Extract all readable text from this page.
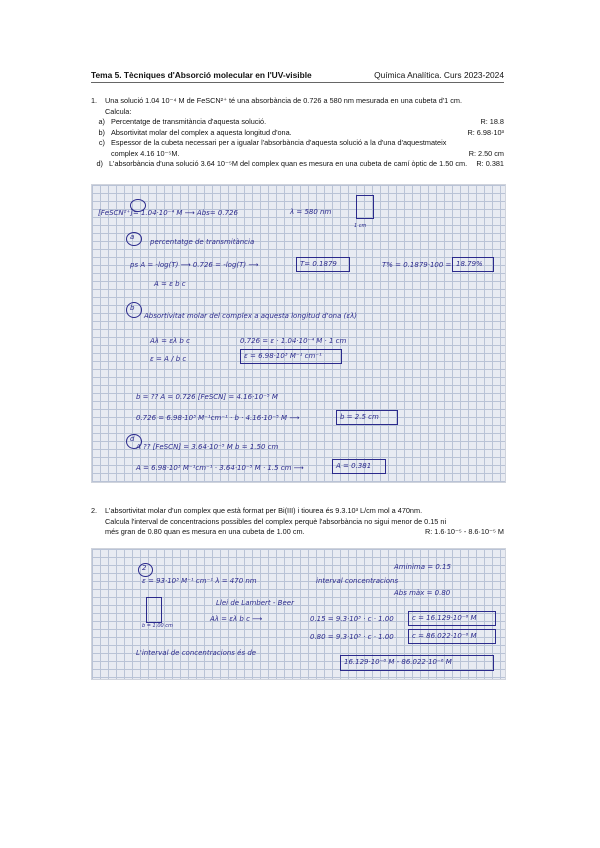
Tema 5. Tècniques d'Absorció molecular en l'UV-visible	Química Analítica. Curs 2023-2024
1.	Una solució 1.04 10⁻⁴ M de FeSCN²⁺ té una absorbància de 0.726 a 580 nm mesurada en una cubeta d'1 cm.
Calcula:
a) Percentatge de transmitància d'aquesta solució.	R: 18.8
b) Absortivitat molar del complex a aquesta longitud d'ona.	R: 6.98·10³
c) Espessor de la cubeta necessari per a igualar l'absorbància d'aquesta solució a la d'una d'aquestmateix complex 4.16 10⁻⁵M.	R: 2.50 cm
d) L'absorbància d'una solució 3.64 10⁻⁵M del complex quan es mesura en una cubeta de camí òptic de 1.50 cm.	R: 0.381
[FeSCN²⁺]= 1.04·10⁻⁴ M ⟶ Abs= 0.726	λ = 580 nm
1 cm
a
percentatge de transmitància
ps A = -log(T) ⟶ 0.726 = -log(T) ⟶	T= 0.1879	T% = 0.1879·100 = 18.79%
A = ε b c
b
Absortivitat molar del complex a aquesta longitud d'ona (ελ)
Aλ = ελ b c	0.726 = ε · 1.04·10⁻⁴ M · 1 cm
ε = A / b c	ε = 6.98·10³ M⁻¹ cm⁻¹
b = ?? A = 0.726 [FeSCN] = 4.16·10⁻⁵ M
0.726 = 6.98·10³ M⁻¹cm⁻¹ · b · 4.16·10⁻⁵ M ⟶	b = 2.5 cm
d
A ?? [FeSCN] = 3.64·10⁻⁵ M b = 1.50 cm
A = 6.98·10³ M⁻¹cm⁻¹ · 3.64·10⁻⁵ M · 1.5 cm ⟶	A = 0.381
2.	L'absortivitat molar d'un complex que està format per Bi(III) i tiourea és 9.3.10³ L/cm mol a 470nm.
Calcula l'interval de concentracions possibles del complex perquè l'absorbància no sigui menor de 0.15 ni
més gran de 0.80 quan es mesura en una cubeta de 1.00 cm.	R: 1.6·10⁻⁵ - 8.6·10⁻⁵ M
2
ε = 93·10³ M⁻¹ cm⁻¹ λ = 470 nm	interval concentracions
Aminima = 0.15
Abs màx = 0.80
b = 1.00 cm
Llei de Lambert - Beer
Aλ = ελ b c ⟶	0.15 = 9.3·10³ · c · 1.00	c = 16.129·10⁻⁶ M
0.80 = 9.3·10³ · c · 1.00	c = 86.022·10⁻⁶ M
L'interval de concentracions és de
16.129·10⁻⁶ M - 86.022·10⁻⁶ M
